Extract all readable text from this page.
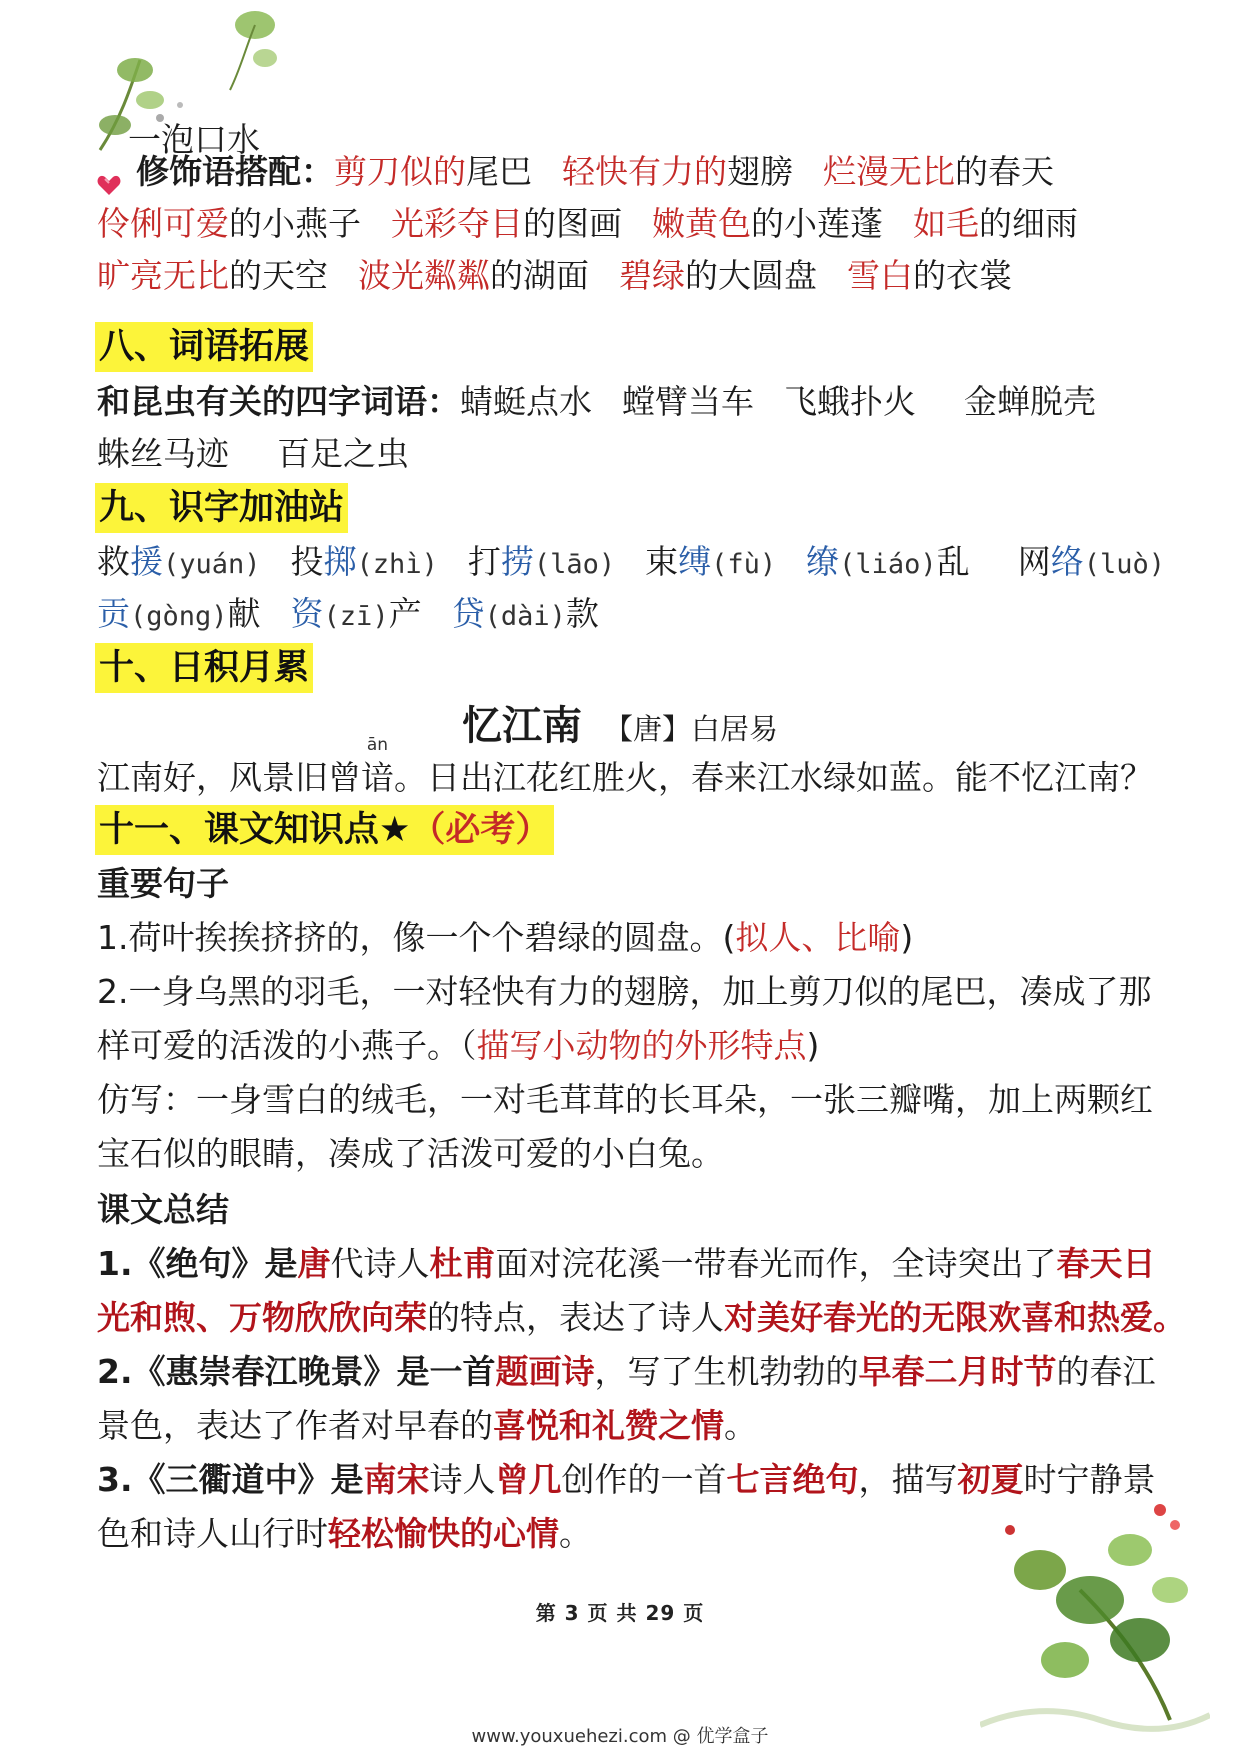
一泡口水
修饰语搭配：剪刀似的尾巴 轻快有力的翅膀 烂漫无比的春天
伶俐可爱的小燕子 光彩夺目的图画 嫩黄色的小莲蓬 如毛的细雨
旷亮无比的天空 波光粼粼的湖面 碧绿的大圆盘 雪白的衣裳
八、词语拓展
和昆虫有关的四字词语：蜻蜓点水 螳臂当车 飞蛾扑火 金蝉脱壳
蛛丝马迹 百足之虫
九、识字加油站
救援(yuán) 投掷(zhì) 打捞(lāo) 束缚(fù) 缭(liáo)乱 网络(luò)
贡(gòng)献 资(zī)产 贷(dài)款
十、日积月累
忆江南 【唐】白居易
江南好，风景旧曾
ān
谙。日出江花红胜火，春来江水绿如蓝。能不忆江南？
十一、课文知识点★（必考）
重要句子
1.荷叶挨挨挤挤的，像一个个碧绿的圆盘。(拟人、比喻)
2.一身乌黑的羽毛，一对轻快有力的翅膀，加上剪刀似的尾巴，凑成了那
样可爱的活泼的小燕子。（描写小动物的外形特点)
仿写：一身雪白的绒毛，一对毛茸茸的长耳朵，一张三瓣嘴，加上两颗红
宝石似的眼睛，凑成了活泼可爱的小白兔。
课文总结
1.《绝句》是唐代诗人杜甫面对浣花溪一带春光而作，全诗突出了春天日
光和煦、万物欣欣向荣的特点，表达了诗人对美好春光的无限欢喜和热爱。
2.《惠崇春江晚景》是一首题画诗，写了生机勃勃的早春二月时节的春江
景色，表达了作者对早春的喜悦和礼赞之情。
3.《三衢道中》是南宋诗人曾几创作的一首七言绝句，描写初夏时宁静景
色和诗人山行时轻松愉快的心情。
第 3 页 共 29 页
www.youxuehezi.com @ 优学盒子
